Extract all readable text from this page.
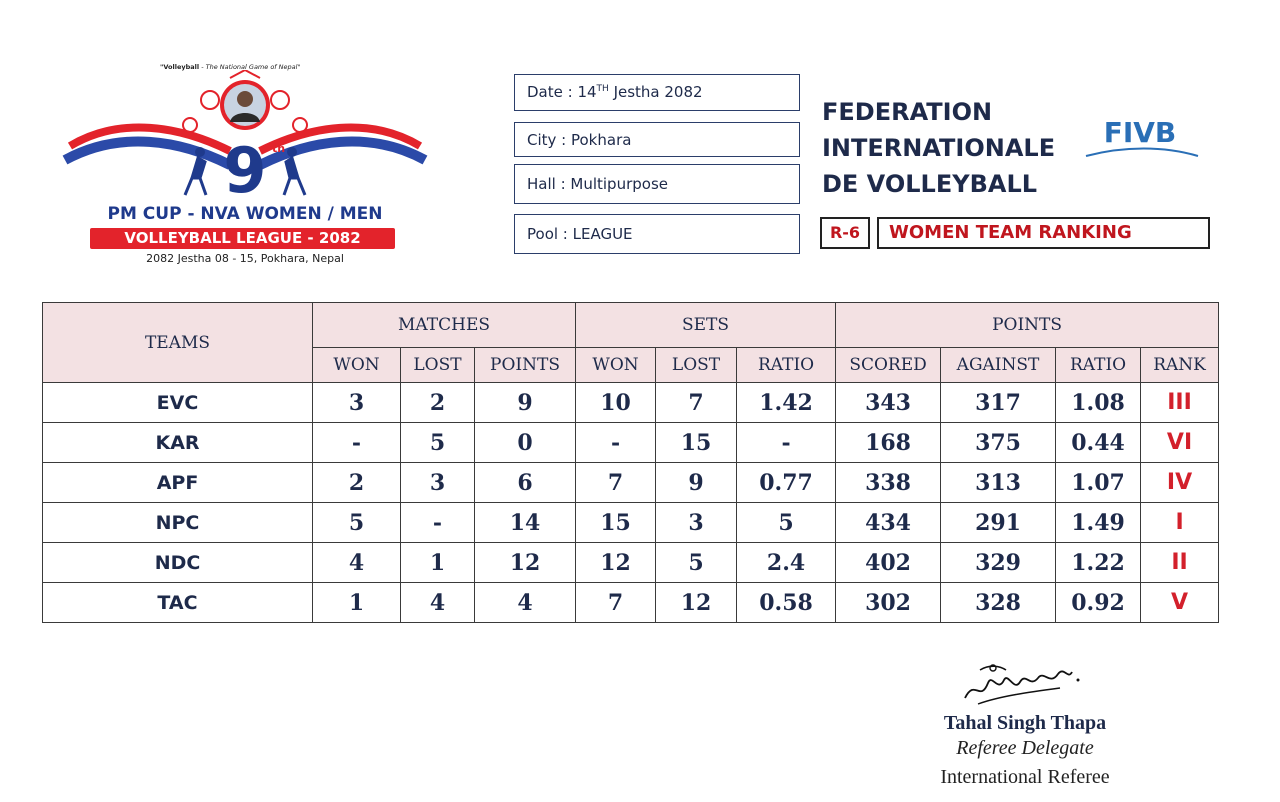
"Volleyball - The National Game of Nepal"
9 th
PM CUP - NVA WOMEN / MEN
VOLLEYBALL LEAGUE - 2082
2082 Jestha 08 - 15, Pokhara, Nepal
Date : 14TH Jestha 2082
City : Pokhara
Hall : Multipurpose
Pool : LEAGUE
FEDERATION
INTERNATIONALE
DE VOLLEYBALL
FIVB
R-6	WOMEN TEAM RANKING
TEAMS	MATCHES			SETS			POINTS			
	WON	LOST	POINTS	WON	LOST	RATIO	SCORED	AGAINST	RATIO	RANK
EVC	3	2	9	10	7	1.42	343	317	1.08	III
KAR	-	5	0	-	15	-	168	375	0.44	VI
APF	2	3	6	7	9	0.77	338	313	1.07	IV
NPC	5	-	14	15	3	5	434	291	1.49	I
NDC	4	1	12	12	5	2.4	402	329	1.22	II
TAC	1	4	4	7	12	0.58	302	328	0.92	V
Tahal Singh Thapa
Referee Delegate
International Referee
